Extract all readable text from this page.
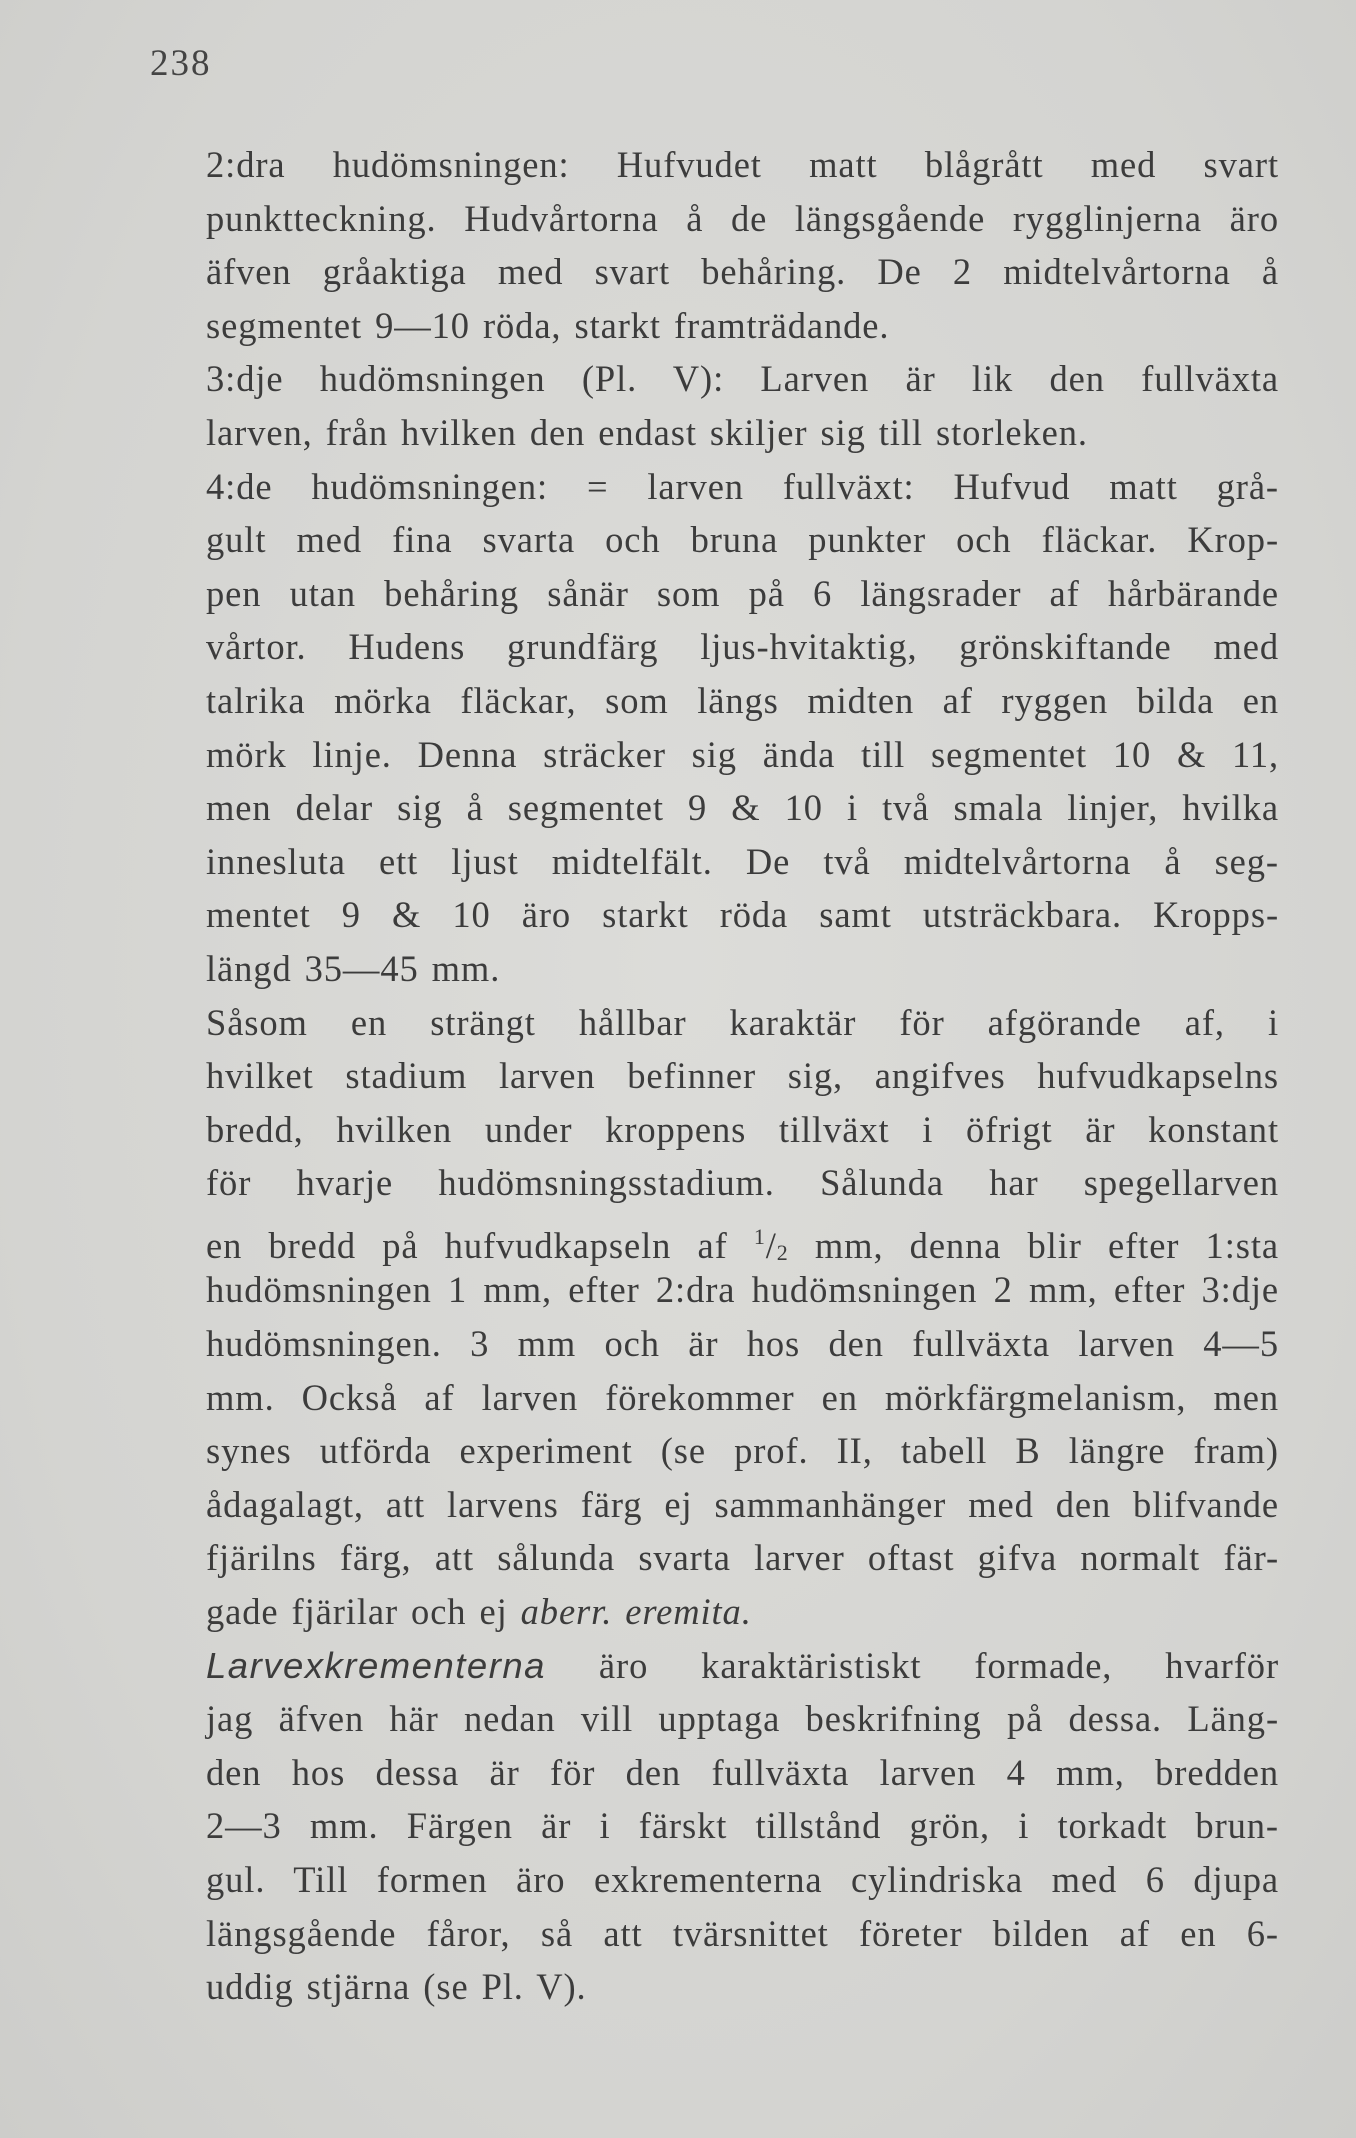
238

2:dra hudömsningen: Hufvudet matt blågrått med svart
punktteckning. Hudvårtorna å de längsgående rygglinjerna äro
äfven gråaktiga med svart behåring. De 2 midtelvårtorna å
segmentet 9—10 röda, starkt framträdande.

3:dje hudömsningen (Pl. V): Larven är lik den fullväxta
larven, från hvilken den endast skiljer sig till storleken.

4:de hudömsningen: = larven fullväxt: Hufvud matt grå-
gult med fina svarta och bruna punkter och fläckar. Krop-
pen utan behåring sånär som på 6 längsrader af hårbärande
vårtor. Hudens grundfärg ljus-hvitaktig, grönskiftande med
talrika mörka fläckar, som längs midten af ryggen bilda en
mörk linje. Denna sträcker sig ända till segmentet 10 & 11,
men delar sig å segmentet 9 & 10 i två smala linjer, hvilka
inneslutа ett ljust midtelfält. De två midtelvårtorna å seg-
mentet 9 & 10 äro starkt röda samt utsträckbara. Kropps-
längd 35—45 mm.

Såsom en strängt hållbar karaktär för afgörande af, i
hvilket stadium larven befinner sig, angifves hufvudkapselns
bredd, hvilken under kroppens tillväxt i öfrigt är konstant
för hvarje hudömsningsstadium. Sålunda har spegellarven
en bredd på hufvudkapseln af $^1/_2$ mm, denna blir efter 1:sta
hudömsningen 1 mm, efter 2:dra hudömsningen 2 mm, efter 3:dje
hudömsningen. 3 mm och är hos den fullväxta larven 4—5
mm. Också af larven förekommer en mörkfärgmelanism, men
synes utförda experiment (se prof. II, tabell B längre fram)
ådagalagt, att larvens färg ej sammanhänger med den blifvande
fjärilns färg, att sålunda svarta larver oftast gifva normalt fär-
gade fjärilar och ej aberr. eremita.

Larvexkrementerna äro karaktäristiskt formade, hvarför
jag äfven här nedan vill upptaga beskrifning på dessa. Läng-
den hos dessa är för den fullväxta larven 4 mm, bredden
2—3 mm. Färgen är i färskt tillstånd grön, i torkadt brun-
gul. Till formen äro exkrementerna cylindriska med 6 djupa
längsgående fåror, så att tvärsnittet företer bilden af en 6-
uddig stjärna (se Pl. V).
